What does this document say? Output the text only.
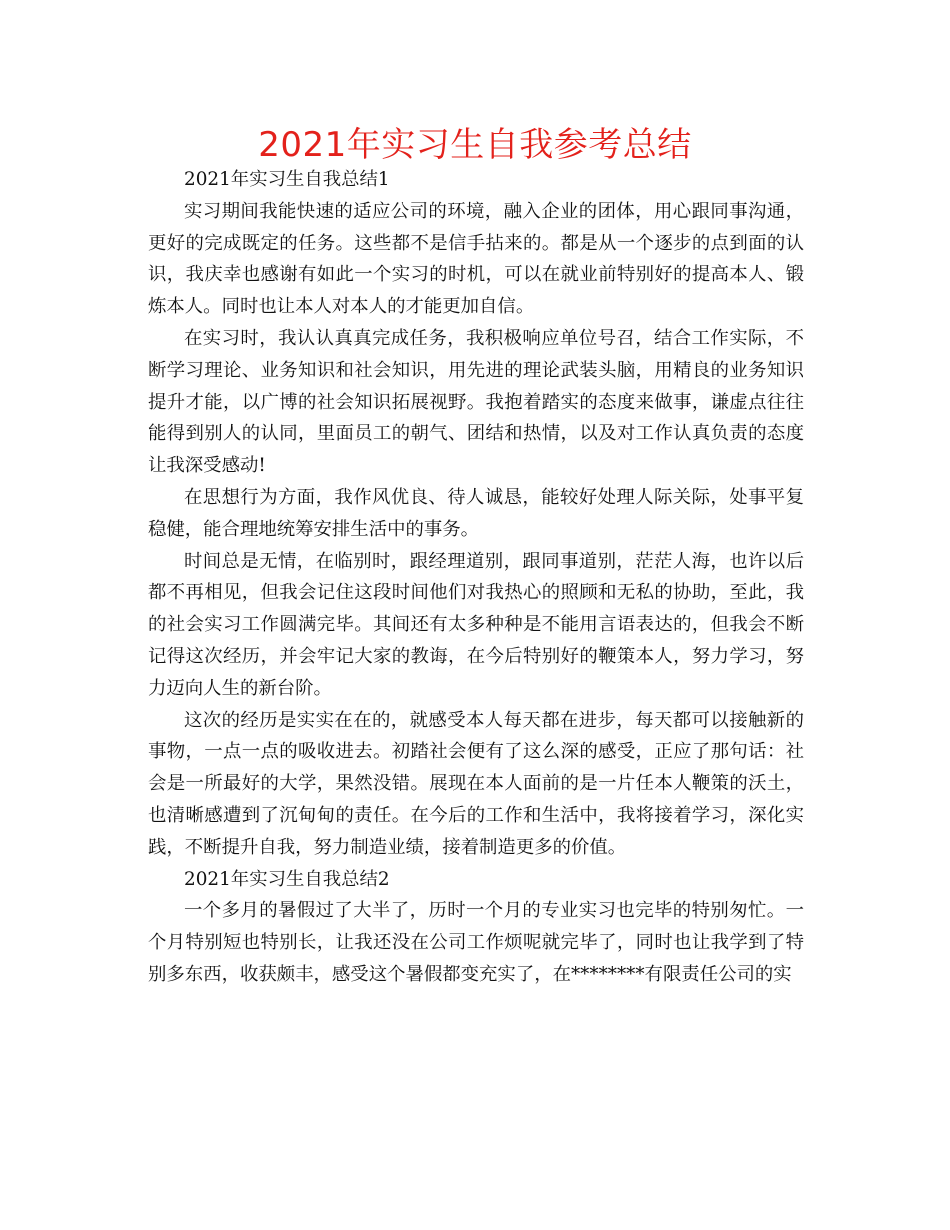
2021年实习生自我参考总结

2021年实习生自我总结1

实习期间我能快速的适应公司的环境，融入企业的团体，用心跟同事沟通，更好的完成既定的任务。这些都不是信手拈来的。都是从一个逐步的点到面的认识，我庆幸也感谢有如此一个实习的时机，可以在就业前特别好的提高本人、锻炼本人。同时也让本人对本人的才能更加自信。

在实习时，我认认真真完成任务，我积极响应单位号召，结合工作实际，不断学习理论、业务知识和社会知识，用先进的理论武装头脑，用精良的业务知识提升才能，以广博的社会知识拓展视野。我抱着踏实的态度来做事，谦虚点往往能得到别人的认同，里面员工的朝气、团结和热情，以及对工作认真负责的态度让我深受感动!

在思想行为方面，我作风优良、待人诚恳，能较好处理人际关际，处事平复稳健，能合理地统筹安排生活中的事务。

时间总是无情，在临别时，跟经理道别，跟同事道别，茫茫人海，也许以后都不再相见，但我会记住这段时间他们对我热心的照顾和无私的协助，至此，我的社会实习工作圆满完毕。其间还有太多种种是不能用言语表达的，但我会不断记得这次经历，并会牢记大家的教诲，在今后特别好的鞭策本人，努力学习，努力迈向人生的新台阶。

这次的经历是实实在在的，就感受本人每天都在进步，每天都可以接触新的事物，一点一点的吸收进去。初踏社会便有了这么深的感受，正应了那句话：社会是一所最好的大学，果然没错。展现在本人面前的是一片任本人鞭策的沃土，也清晰感遭到了沉甸甸的责任。在今后的工作和生活中，我将接着学习，深化实践，不断提升自我，努力制造业绩，接着制造更多的价值。

2021年实习生自我总结2

一个多月的暑假过了大半了，历时一个月的专业实习也完毕的特别匆忙。一个月特别短也特别长，让我还没在公司工作烦呢就完毕了，同时也让我学到了特别多东西，收获颇丰，感受这个暑假都变充实了，在********有限责任公司的实
